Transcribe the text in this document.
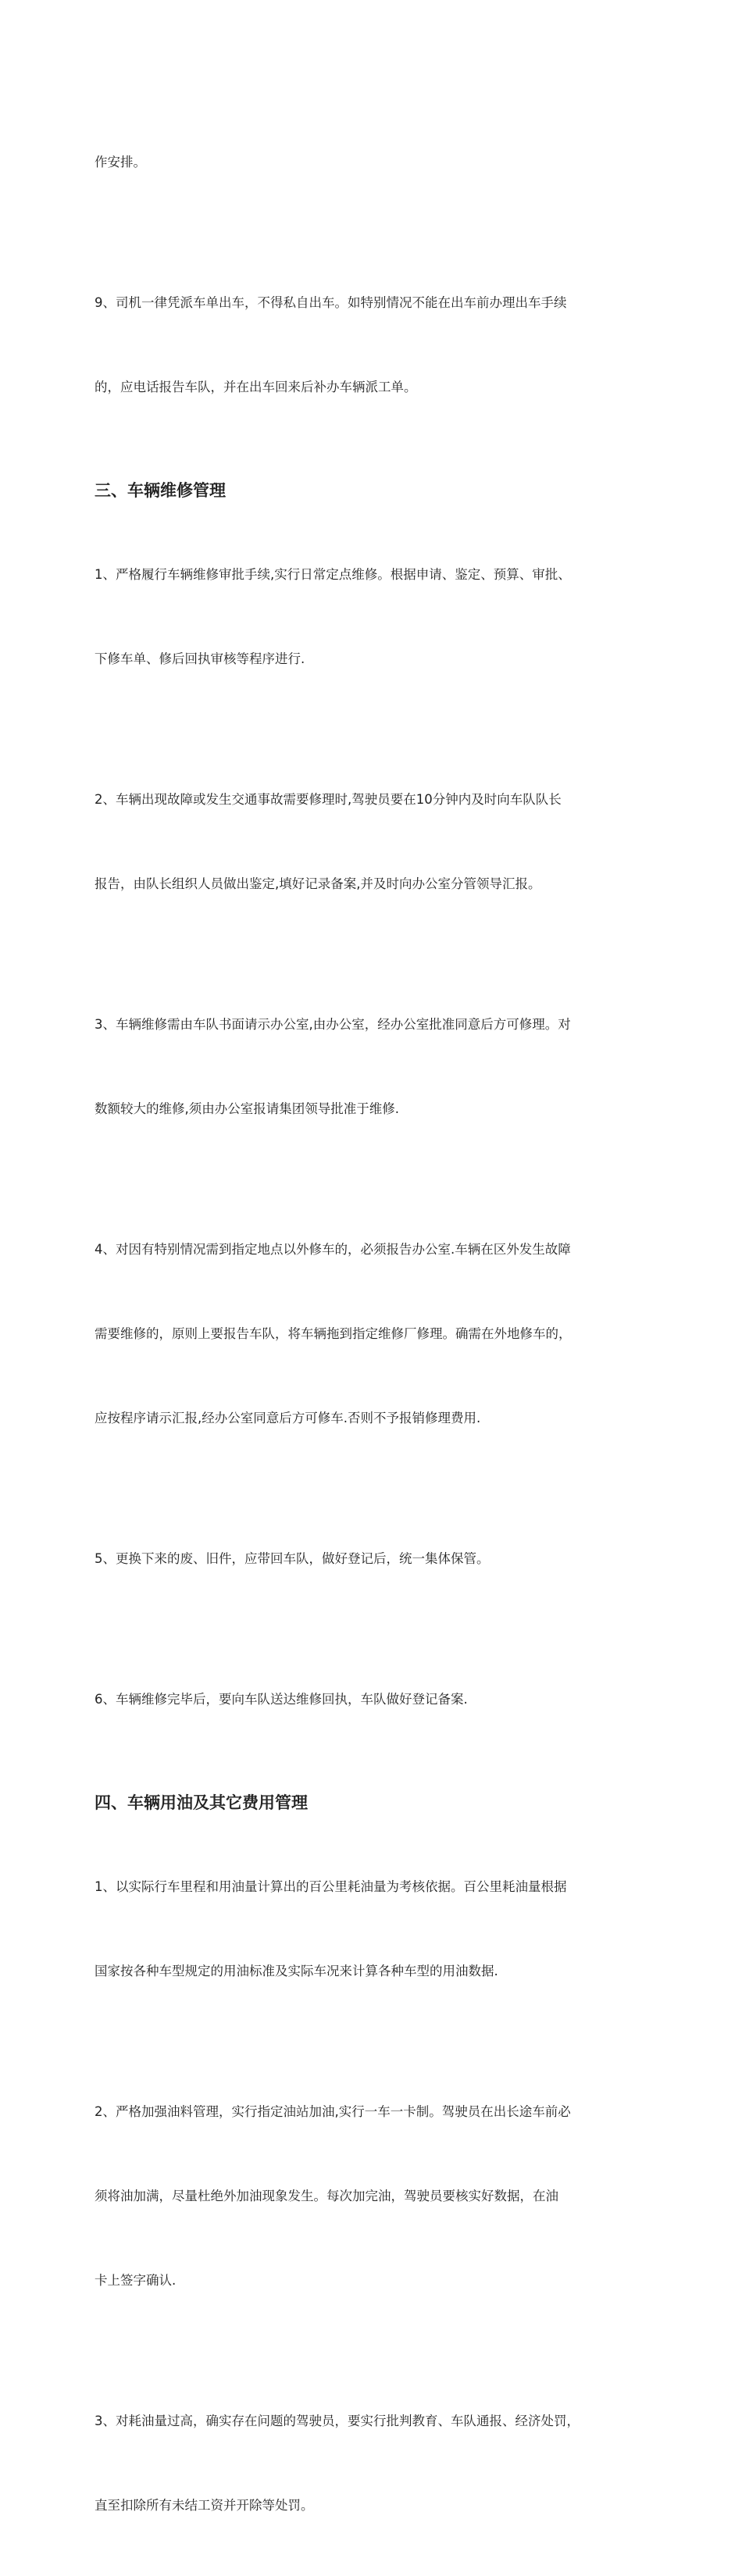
作安排。

9、司机一律凭派车单出车，不得私自出车。如特别情况不能在出车前办理出车手续

的，应电话报告车队，并在出车回来后补办车辆派工单。

三、车辆维修管理

1、严格履行车辆维修审批手续,实行日常定点维修。根据申请、鉴定、预算、审批、

下修车单、修后回执审核等程序进行.

2、车辆出现故障或发生交通事故需要修理时,驾驶员要在10分钟内及时向车队队长

报告，由队长组织人员做出鉴定,填好记录备案,并及时向办公室分管领导汇报。

3、车辆维修需由车队书面请示办公室,由办公室，经办公室批准同意后方可修理。对

数额较大的维修,须由办公室报请集团领导批准于维修.

4、对因有特别情况需到指定地点以外修车的，必须报告办公室.车辆在区外发生故障

需要维修的，原则上要报告车队，将车辆拖到指定维修厂修理。确需在外地修车的，

应按程序请示汇报,经办公室同意后方可修车.否则不予报销修理费用.

5、更换下来的废、旧件，应带回车队，做好登记后，统一集体保管。

6、车辆维修完毕后，要向车队送达维修回执，车队做好登记备案.

四、车辆用油及其它费用管理

1、以实际行车里程和用油量计算出的百公里耗油量为考核依据。百公里耗油量根据

国家按各种车型规定的用油标准及实际车况来计算各种车型的用油数据.

2、严格加强油料管理，实行指定油站加油,实行一车一卡制。驾驶员在出长途车前必

须将油加满，尽量杜绝外加油现象发生。每次加完油，驾驶员要核实好数据，在油

卡上签字确认.

3、对耗油量过高，确实存在问题的驾驶员，要实行批判教育、车队通报、经济处罚，

直至扣除所有未结工资并开除等处罚。
